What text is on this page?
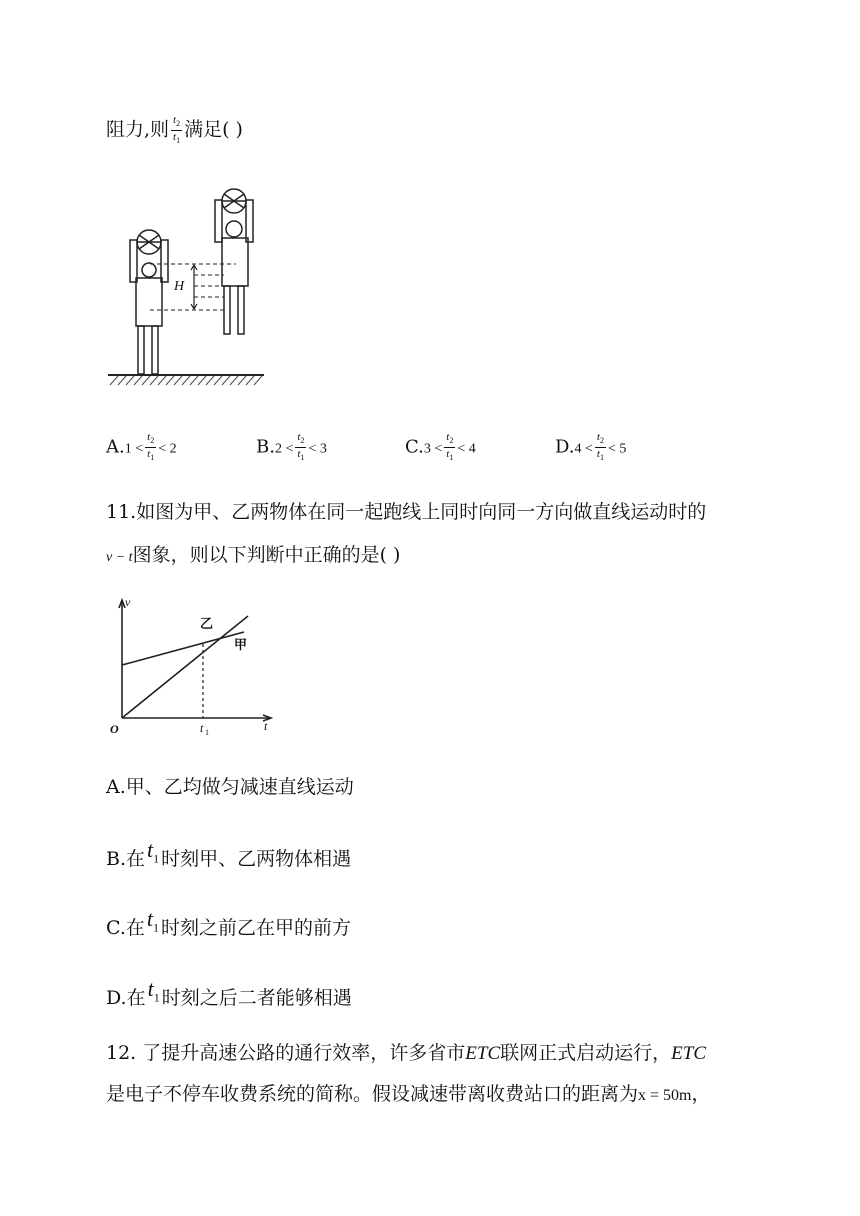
阻力,则 $\frac{t_2}{t_1}$ 满足( )
H
$A.1 < \frac{t_2}{t_1} < 2$	$B.2 < \frac{t_2}{t_1} < 3$	$C.3 < \frac{t_2}{t_1} < 4$	$D.4 < \frac{t_2}{t_1} < 5$
11.如图为甲、乙两物体在同一起跑线上同时向同一方向做直线运动时的
v − t图象，则以下判断中正确的是( )
v
t
O	t 1
乙
甲
A.甲、乙均做匀减速直线运动
B.在$t_1$ 时刻甲、乙两物体相遇
C.在$t_1$ 时刻之前乙在甲的前方
D.在$t_1$ 时刻之后二者能够相遇
12. 了提升高速公路的通行效率，许多省市ETC联网正式启动运行，ETC
是电子不停车收费系统的简称。假设减速带离收费站口的距离为x = 50m，
